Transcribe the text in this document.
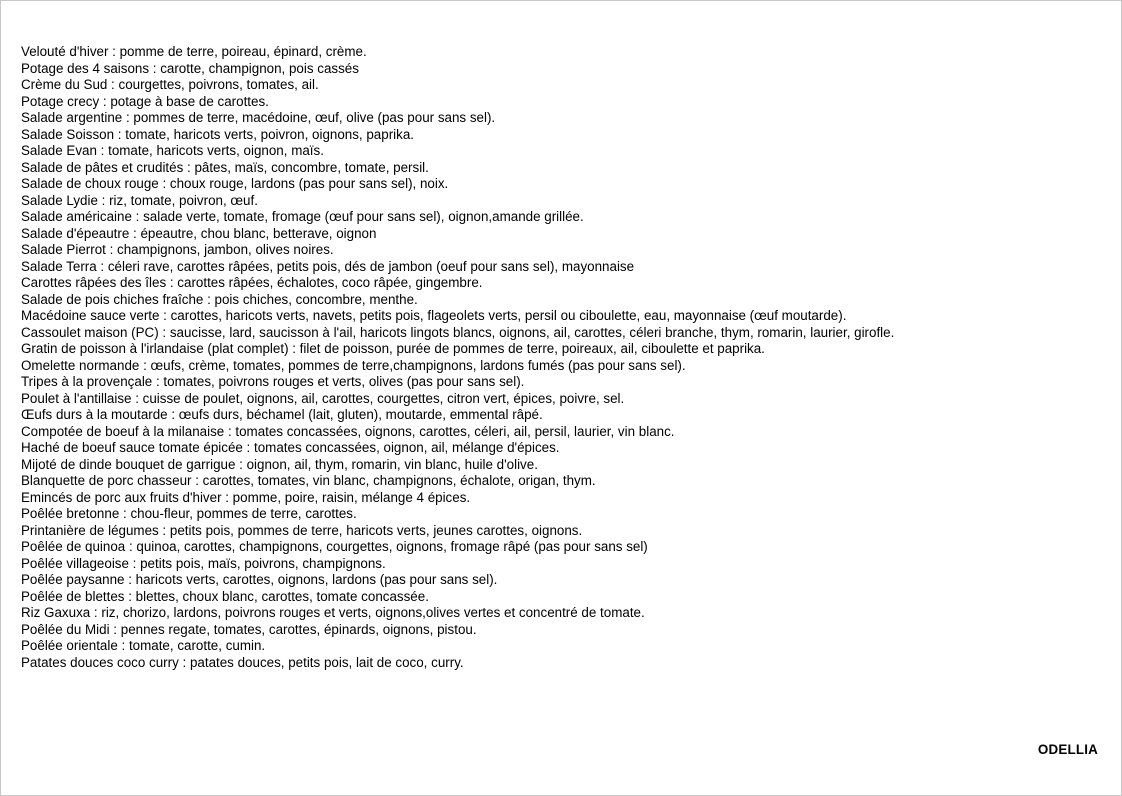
Velouté d'hiver : pomme de terre, poireau, épinard, crème.
Potage des 4 saisons : carotte, champignon, pois cassés
Crème du Sud : courgettes, poivrons, tomates, ail.
Potage crecy : potage à base de carottes.
Salade argentine : pommes de terre, macédoine, œuf, olive (pas pour sans sel).
Salade Soisson : tomate, haricots verts, poivron, oignons, paprika.
Salade Evan : tomate, haricots verts, oignon, maïs.
Salade de pâtes et crudités : pâtes, maïs, concombre, tomate, persil.
Salade de choux rouge : choux rouge, lardons (pas pour sans sel), noix.
Salade Lydie : riz, tomate, poivron, œuf.
Salade américaine : salade verte, tomate, fromage (œuf pour sans sel), oignon,amande grillée.
Salade d'épeautre : épeautre, chou blanc, betterave, oignon
Salade Pierrot : champignons, jambon, olives noires.
Salade Terra : céleri rave, carottes râpées, petits pois, dés de jambon (oeuf pour sans sel), mayonnaise
Carottes râpées des îles : carottes râpées, échalotes, coco râpée, gingembre.
Salade de pois chiches fraîche : pois chiches, concombre, menthe.
Macédoine sauce verte : carottes, haricots verts, navets, petits pois, flageolets verts, persil ou ciboulette, eau, mayonnaise (œuf moutarde).
Cassoulet maison (PC) : saucisse, lard, saucisson à l'ail, haricots lingots blancs, oignons, ail, carottes, céleri branche, thym, romarin, laurier, girofle.
Gratin de poisson à l'irlandaise (plat complet) : filet de poisson, purée de pommes de terre, poireaux, ail, ciboulette et paprika.
Omelette normande : œufs, crème, tomates, pommes de terre,champignons, lardons fumés (pas pour sans sel).
Tripes à la provençale : tomates, poivrons rouges et verts, olives (pas pour sans sel).
Poulet à l'antillaise : cuisse de poulet, oignons, ail, carottes, courgettes, citron vert, épices, poivre, sel.
Œufs durs à la moutarde : œufs durs, béchamel (lait, gluten), moutarde, emmental râpé.
Compotée de boeuf à la milanaise : tomates concassées, oignons, carottes, céleri, ail, persil, laurier, vin blanc.
Haché de boeuf sauce tomate épicée : tomates concassées, oignon, ail, mélange d'épices.
Mijoté de dinde bouquet de garrigue : oignon, ail, thym, romarin, vin blanc, huile d'olive.
Blanquette de porc chasseur : carottes, tomates, vin blanc, champignons, échalote, origan, thym.
Emincés de porc aux fruits d'hiver : pomme, poire, raisin, mélange 4 épices.
Poêlée bretonne : chou-fleur, pommes de terre, carottes.
Printanière de légumes : petits pois, pommes de terre, haricots verts, jeunes carottes, oignons.
Poêlée de quinoa : quinoa, carottes, champignons, courgettes, oignons, fromage râpé (pas pour sans sel)
Poêlée villageoise : petits pois, maïs, poivrons, champignons.
Poêlée paysanne : haricots verts, carottes, oignons, lardons (pas pour sans sel).
Poêlée de blettes : blettes, choux blanc, carottes, tomate concassée.
Riz Gaxuxa : riz, chorizo, lardons, poivrons rouges et verts, oignons,olives vertes et concentré de tomate.
Poêlée du Midi : pennes regate, tomates, carottes, épinards, oignons, pistou.
Poêlée orientale : tomate, carotte, cumin.
Patates douces coco curry : patates douces, petits pois, lait de coco, curry.
ODELLIA
